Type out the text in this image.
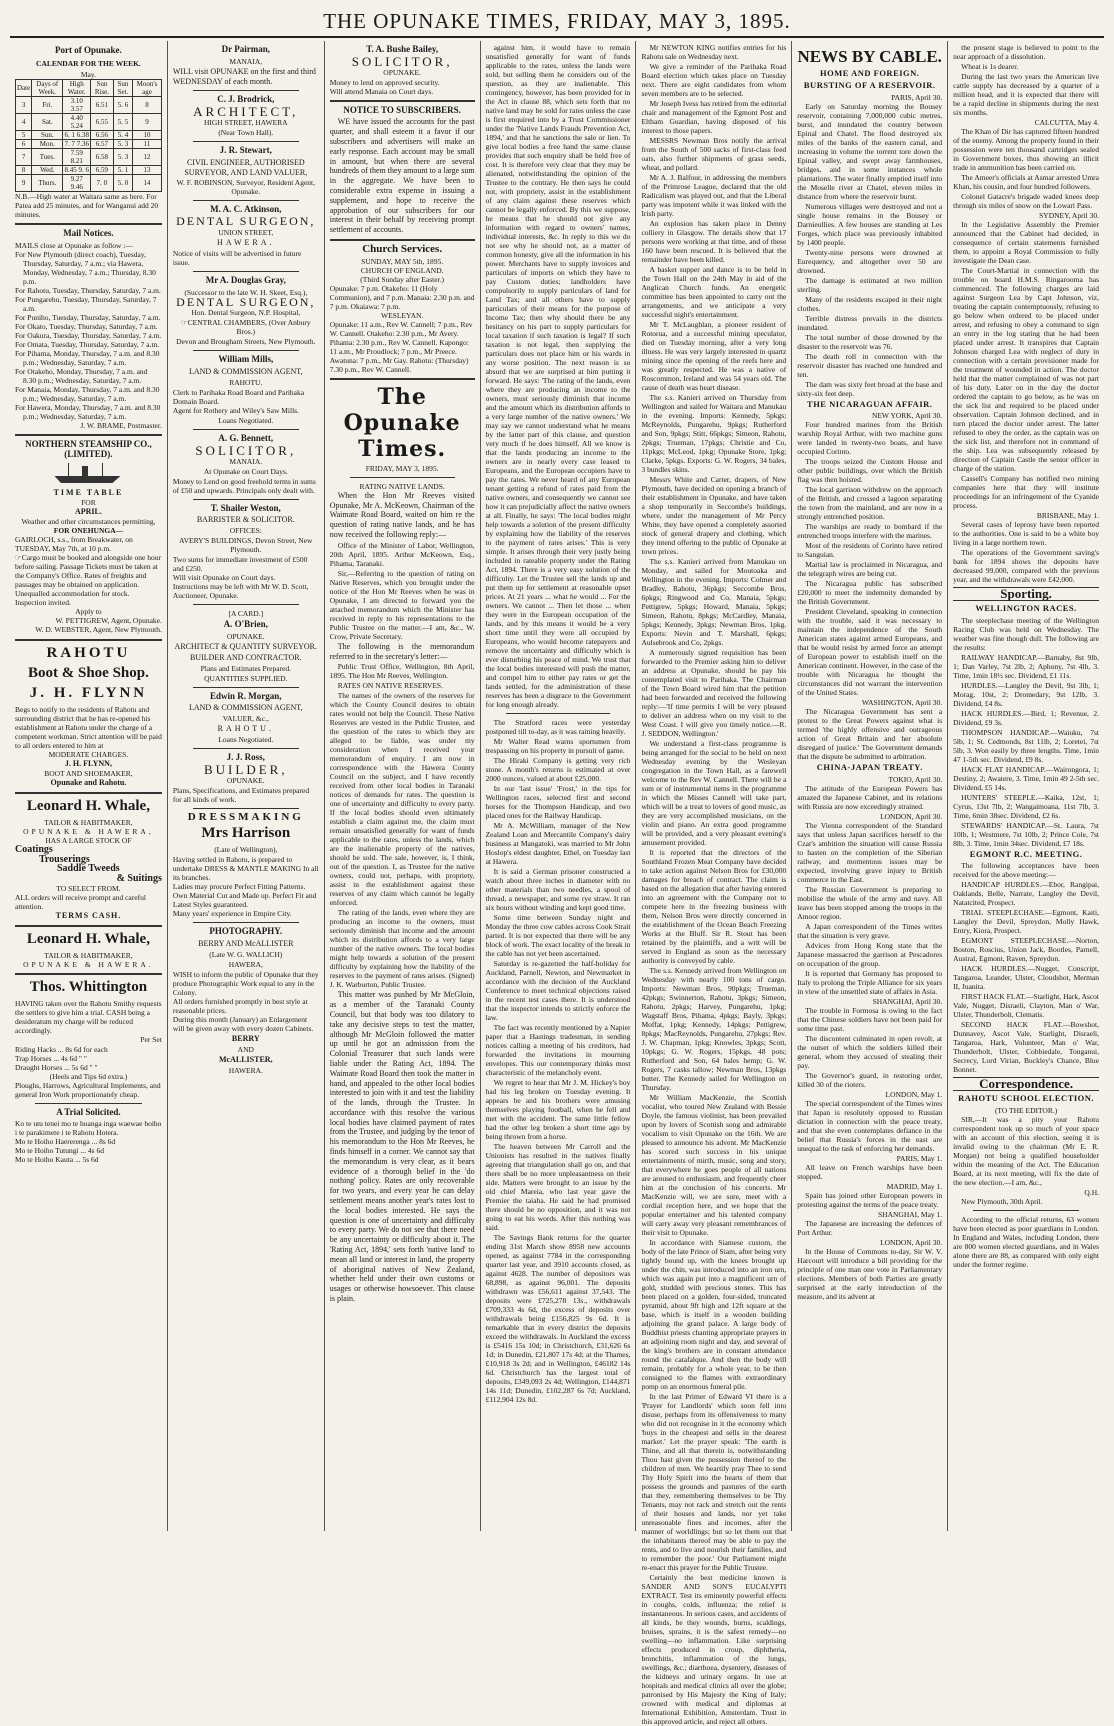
THE OPUNAKE TIMES, FRIDAY, MAY 3, 1895.
Port of Opunake.
CALENDAR FOR THE WEEK.
May.
Date	Days of Week.	High Water.	Sun Rise.	Sun Set.	Moon's age
3	Fri.	3.10 3.57	6.51	5. 6	8
4	Sat.	4.40 5.24	6.55	5. 5	9
5	Sun.	6. 1 6.38	6.56	5. 4	10
6	Mon.	7. 7 7.36	6.57	5. 3	11
7	Tues.	7.59 8.21	6.58	5. 3	12
8	Wed.	8.45 9. 6	6.59	5. 1	13
9	Thurs.	9.27 9.46	7. 0	5. 0	14
N.B.—High water at Waitara same as here. For Patea add 25 minutes, and for Wanganui add 20 minutes.
Mail Notices.
MAILS close at Opunake as follow :—

For New Plymouth (direct coach), Tuesday, Thursday, Saturday, 7 a.m.; via Hawera, Monday, Wednesday, 7 a.m.; Thursday, 8.30 p.m.

For Rahotu, Tuesday, Thursday, Saturday, 7 a.m.

For Pungarehu, Tuesday, Thursday, Saturday, 7 a.m.

For Puniho, Tuesday, Thursday, Saturday, 7 a.m.

For Okato, Tuesday, Thursday, Saturday, 7 a.m.

For Oakura, Tuesday, Thursday, Saturday, 7 a.m.

For Omata, Tuesday, Thursday, Saturday, 7 a.m.

For Pihama, Monday, Thursday, 7 a.m. and 8.30 p.m.; Wednesday, Saturday, 7 a.m.

For Otakeho, Monday, Thursday, 7 a.m. and 8.30 p.m.; Wednesday, Saturday, 7 a.m.

For Manaia, Monday, Thursday, 7 a.m. and 8.30 p.m.; Wednesday, Saturday, 7 a.m.

For Hawera, Monday, Thursday, 7 a.m. and 8.30 p.m.; Wednesday, Saturday, 7 a.m.

J. W. BRAME, Postmaster.
NORTHERN STEAMSHIP CO., (LIMITED).
TIME TABLE
FOR
APRIL.
Weather and other circumstances permitting,
FOR ONEHUNGA—
GAIRLOCH, s.s., from Breakwater, on TUESDAY, May 7th, at 10 p.m.
☞Cargo must be booked and alongside one hour before sailing. Passage Tickets must be taken at the Company's Office. Rates of freights and passages may be obtained on application. Unequalled accommodation for stock. Inspection invited.
Apply to
W. PETTIGREW, Agent, Opunake.
W. D. WEBSTER, Agent, New Plymouth.
RAHOTU
Boot & Shoe Shop.
J. H. FLYNN
Begs to notify to the residents of Rahotu and surrounding district that he has re-opened his establishment at Rahotu under the charge of a competent workman. Strict attention will be paid to all orders entered to him at
MODERATE CHARGES.
J. H. FLYNN,
BOOT AND SHOEMAKER,
Opunake and Rahotu.
Leonard H. Whale,
TAILOR & HABITMAKER,
OPUNAKE & HAWERA,
HAS A LARGE STOCK OF
Coatings
Trouserings
Saddle Tweeds
& Suitings
TO SELECT FROM.
ALL orders will receive prompt and careful attention.
TERMS CASH.
Leonard H. Whale,
TAILOR & HABITMAKER,
OPUNAKE & HAWERA.
Thos. Whittington
HAVING taken over the Rahotu Smithy requests the settlers to give him a trial. CASH being a desideratum my charge will be reduced accordingly.
Per Set
Riding Hacks ... 8s 6d for each
Trap Horses ... 4s 6d " "
Draught Horses ... 5s 6d " "
(Heels and Tips 6d extra.)
Ploughs, Harrows, Agricultural Implements, and general Iron Work proportionately cheap.
A Trial Solicited.
Ko te utu tenei mo te huanga inga waewae hoiho i te parakimete i te Rahotu Hotera.
Mo te Hoiho Haererenga ... 8s 6d
Mo te Hoiho Tutungi ... 4s 6d
Mo te Hoiho Kauta ... 5s 6d
Dr Pairman,

MANAIA,

WILL visit OPUNAKE on the first and third WEDNESDAY of each month.
C. J. Brodrick,

ARCHITECT,

HIGH STREET, HAWERA

(Near Town Hall).

J. R. Stewart,

CIVIL ENGINEER, AUTHORISED SURVEYOR, AND LAND VALUER,

W. F. ROBINSON, Surveyor, Resident Agent, Opunake.

M. A. C. Atkinson,

DENTAL SURGEON,

UNION STREET,

HAWERA.

Notice of visits will be advertised in future issue.
Mr A. Douglas Gray,

(Successor to the late W. H. Skeet, Esq.),

DENTAL SURGEON,

Hon. Dental Surgeon, N.P. Hospital,

☞CENTRAL CHAMBERS, (Over Anbury Bros.)

Devon and Brougham Streets, New Plymouth.

William Mills,

LAND & COMMISSION AGENT,

RAHOTU.

Clerk to Parihaka Road Board and Parihaka Domain Board.
Agent for Rothery and Wiley's Saw Mills.

Loans Negotiated.

A. G. Bennett,

SOLICITOR,

MANAIA.

At Opunake on Court Days.

Money to Lend on good freehold terms in sums of £50 and upwards. Principals only dealt with.
T. Shailer Weston,

BARRISTER & SOLICITOR.

OFFICES:

AVERY'S BUILDINGS, Devon Street, New Plymouth.

Two sums for immediate investment of £500 and £250.
Will visit Opunake on Court days.
Instructions may be left with Mr W. D. Scott, Auctioneer, Opunake.

[A CARD.]

A. O'Brien,

OPUNAKE.

ARCHITECT & QUANTITY SURVEYOR.

BUILDER AND CONTRACTOR.

Plans and Estimates Prepared.

QUANTITIES SUPPLIED.

Edwin R. Morgan,

LAND & COMMISSION AGENT,

VALUER, &c.,

RAHOTU.

Loans Negotiated.

J. J. Ross,

BUILDER,

OPUNAKE.

Plans, Specifications, and Estimates prepared for all kinds of work.

DRESSMAKING

Mrs Harrison

(Late of Wellington),

Having settled in Rahotu, is prepared to undertake DRESS & MANTLE MAKING In all its branches.
Ladies may procure Perfect Fitting Patterns.
Own Material Cut and Made up. Perfect Fit and Latest Styles guaranteed.
Many years' experience in Empire City.
PHOTOGRAPHY.

BERRY AND McALLISTER

(Late W. G. WALLICH)

HAWERA,

WISH to inform the public of Opunake that they produce Photographic Work equal to any in the Colony.
All orders furnished promptly in best style at reasonable prices.
During this month (January) an Enlargement will be given away with every dozen Cabinets.

BERRY

AND

McALLISTER,

HAWERA.

T. A. Bushe Bailey,

SOLICITOR,

OPUNAKE.

Money to lend on approved security.
Will attend Manaia on Court days.
NOTICE TO SUBSCRIBERS.

WE have issued the accounts for the past quarter, and shall esteem it a favor if our subscribers and advertisers will make an early response. Each account may be small in amount, but when there are several hundreds of them they amount to a large sum in the aggregate. We have been to considerable extra expense in issuing a supplement, and hope to receive the approbation of our subscribers for our interest in their behalf by receiving prompt settlement of accounts.

Church Services.
SUNDAY, MAY 5th, 1895.
CHURCH OF ENGLAND.
(Third Sunday after Easter.)
Opunake: 7 p.m. Otakeho: 11 (Holy Communion), and 7 p.m. Manaia: 2.30 p.m. and 7 p.m. Okaiawa: 7 p.m.
WESLEYAN.
Opunake: 11 a.m., Rev W. Cannell; 7 p.m., Rev W. Cannell. Otakeho: 2.30 p.m., Mr Avery. Pihama: 2.30 p.m., Rev W. Cannell. Kapongo: 11 a.m., Mr Proudlock; 7 p.m., Mr Preece. Awatuna: 7 p.m., Mr Gay. Rahotu: (Thursday) 7.30 p.m., Rev W. Cannell.
The Opunake Times.
FRIDAY, MAY 3, 1895.
RATING NATIVE LANDS.

When the Hon Mr Reeves visited Opunake, Mr A. McKeown, Chairman of the Waimate Road Board, waited on him re the question of rating native lands, and he has now received the following reply:—

Office of the Minister of Labor, Wellington, 20th April, 1895. Arthur McKeown, Esq., Pihama, Taranaki.

Sir,—Referring to the question of rating on Native Reserves, which you brought under the notice of the Hon Mr Reeves when he was in Opunake, I am directed to forward you the attached memorandum which the Minister has received in reply to his representations to the Public Trustee on the matter.—I am, &c., W. Crow, Private Secretary.

The following is the memorandum referred to in the secretary's letter:—

Public Trust Office, Wellington, 8th April, 1895. The Hon Mr Reeves, Wellington.

RATES ON NATIVE RESERVES.

The names of the owners of the reserves for which the County Council desires to obtain rates would not help the Council. These Native Reserves are vested in the Public Trustee, and the question of the rates to which they are alleged to be liable, was under my consideration when I received your memorandum of enquiry. I am now in correspondence with the Hawera County Council on the subject, and I have recently received from other local bodies in Taranaki notices of demands for rates. The question is one of uncertainty and difficulty to every party. If the local bodies should even ultimately establish a claim against me, the claim must remain unsatisfied generally for want of funds applicable to the rates, unless the lands, which are the inalienable property of the natives, should be sold. The sale, however, is, I think, out of the question. I, as Trustee for the native owners, could not, perhaps, with propriety, assist in the establishment against these reserves of any claim which cannot be legally enforced.

The rating of the lands, even where they are producing an income to the owners, must seriously diminish that income and the amount which its distribution affords to a very large number of the native owners. The local bodies might help towards a solution of the present difficulty by explaining how the liability of the reserves to the payment of rates arises. (Signed) J. K. Warburton, Public Trustee.

This matter was pushed by Mr McGloin, as a member of the Taranaki County Council, but that body was too dilatory to take any decisive steps to test the matter, although Mr McGloin followed the matter up until he got an admission from the Colonial Treasurer that such lands were liable under the Rating Act, 1894. The Waimate Road Board then took the matter in hand, and appealed to the other local bodies interested to join with it and test the liability of the lands, through the Trustee. In accordance with this resolve the various local bodies have claimed payment of rates from the Trustee, and judging by the tenor of his memorandum to the Hon Mr Reeves, he finds himself in a corner. We cannot say that the memorandum is very clear, as it bears evidence of a thorough belief in the 'do nothing' policy. Rates are only recoverable for two years, and every year he can delay settlement means another year's rates lost to the local bodies interested. He says the question is one of uncertainty and difficulty to every party. We do not see that there need be any uncertainty or difficulty about it. The 'Rating Act, 1894,' sets forth 'native land' to mean all land or interest in land, the property of aboriginal natives of New Zealand, whether held under their own customs or usages or otherwise howsoever. This clause is plain.

against him, it would have to remain unsatisfied generally for want of funds applicable to the rates, unless the lands were sold, but selling them he considers out of the question, as they are inalienable. This contingency, however, has been provided for in the Act in clause 88, which sets forth that no native land may be sold for rates unless the case is first enquired into by a Trust Commissioner under the 'Native Lands Frauds Prevention Act, 1894,' and that he sanctions the sale or lien. To give local bodies a free hand the same clause provides that such enquiry shall be held free of cost. It is therefore very clear that they may be alienated, notwithstanding the opinion of the Trustee to the contrary. He then says he could not, with propriety, assist in the establishment of any claim against these reserves which cannot be legally enforced. By this we suppose, he means that he should not give any information with regard to owners' names, individual interests, &c. In reply to this we do not see why he should not, as a matter of common honesty, give all the information in his power. Merchants have to supply invoices and particulars of imports on which they have to pay Custom duties; landholders have compulsorily to supply particulars of land for Land Tax; and all others have to supply particulars of their means for the purpose of Income Tax; then why should there be any hesitancy on his part to supply particulars for local taxation if such taxation is legal? If such taxation is not legal, then supplying the particulars does not place him or his wards in any worse position. The next reason is so absurd that we are surprised at him putting it forward. He says: 'The rating of the lands, even where they are producing an income to the owners, must seriously diminish that income and the amount which its distribution affords to a very large number of the native owners.' We may say we cannot understand what he means by the latter part of this clause, and question very much if he does himself. All we know is that the lands producing an income to the owners are in nearly every case leased to Europeans, and the European occupiers have to pay the rates. We never heard of any European tenant getting a refund of rates paid from the native owners, and consequently we cannot see how it can prejudicially affect the native owners at all. Finally, he says: 'The local bodies might help towards a solution of the present difficulty by explaining how the liability of the reserves to the payment of rates arises.' This is very simple. It arises through their very justly being included in rateable property under the Rating Act, 1894. There is a very easy solution of the difficulty. Let the Trustee sell the lands up and put them up for settlement at reasonable upset prices. At 21 years ... what he would ... For the owners. We cannot ... Then let those ... when they were in the European occupation of the lands, and by this means it would be a very short time until they were all occupied by Europeans, who would become ratepayers and remove the uncertainty and difficulty which is ever disturbing his peace of mind. We trust that the local bodies interested will push the matter, and compel him to either pay rates or get the lands settled, for the administration of these reserves has been a disgrace to the Government for long enough already.

The Stratford races were yesterday postponed till to-day, as it was raining heavily.

Mr Walter Read warns sportsmen from trespassing on his property in pursuit of game.

The Hiraki Company is getting very rich stone. A month's returns is estimated at over 2000 ounces, valued at about £25,000.

In our 'last issue' 'Frost,' in the tips for Wellington races, selected first and second horses for the Thompson Handicap, and two placed ones for the Railway Handicap.

Mr A. McWilliam, manager of the New Zealand Loan and Mercantile Company's dairy business at Mangatoki, was married to Mr John Hoslop's eldest daughter, Ethel, on Tuesday last at Hawera.

It is said a German prisoner constructed a watch about three inches in diameter with no other materials than two needles, a spool of thread, a newspaper, and some rye straw. It ran six hours without winding and kept good time.

Some time between Sunday night and Monday the three cow cables across Cook Strait parted. It is not expected that there will be any block of work. The exact locality of the break in the cable has not yet been ascertained.

Saturday is re-gazetted the half-holiday for Auckland, Parnell, Newton, and Newmarket in accordance with the decision of the Auckland Conference to meet technical objections raised in the recent test cases there. It is understood that the inspector intends to strictly enforce the law.

The fact was recently mentioned by a Napier paper that a Hastings tradesman, in sending notices calling a meeting of his creditors, had forwarded the invitations in mourning envelopes. This our contemporary thinks most characteristic of the melancholy event.

We regret to hear that Mr J. M. Hickey's boy had his leg broken on Tuesday evening. It appears he and his brothers were amusing themselves playing football, when he fell and met with the accident. The same little fellow had the other leg broken a short time ago by being thrown from a horse.

The heaven between Mr Carroll and the Unionists has resulted in the natives finally agreeing that triangulation shall go on, and that there shall be no more unpleasantness on their side. Matters were brought to an issue by the old chief Mareia, who last year gave the Premier the taiaha. He said he had promised there should be no opposition, and it was not going to eat his words. After this nothing was said.

The Savings Bank returns for the quarter ending 31st March show 8958 new accounts opened, as against 7784 in the corresponding quarter last year, and 3910 accounts closed, as against 4628. The number of depositors was 68,898, as against 96,001. The deposits withdrawn was £56,611 against 37,543. The deposits were £725,278 13s., withdrawals £709,333 4s 6d, the excess of deposits over withdrawals being £156,825 9s 6d. It is remarkable that in every district the deposits exceed the withdrawals. In Auckland the excess is £5416 15s 10d; in Christchurch, £31,626 6s 1d; in Dunedin, £21,807 17s 4d; at the Thames, £10,918 3s 2d; and in Wellington, £46182 14s 6d. Christchurch has the largest total of deposits, £349,093 2s 4d; Wellington, £144,871 14s 11d; Dunedin, £102,287 6s 7d; Auckland, £112,904 12s 8d.

Mr NEWTON KING notifies entries for his Rahotu sale on Wednesday next.

We give a reminder of the Parihaka Road Board election which takes place on Tuesday next. There are eight candidates from whom seven members are to be selected.

Mr Joseph Ivess has retired from the editorial chair and management of the Egmont Post and Eltham Guardian, having disposed of his interest to those papers.

MESSRS Newman Bros notify the arrival from the South of 500 sacks of first-class feed oats, also further shipments of grass seeds, wheat, and pollard.

Mr A. J. Balfour, in addressing the members of the Primrose League, declared that the old Radicalism was played out, and that the Liberal party was impotent while it was linked with the Irish party.

An explosion has taken place in Denny colliery in Glasgow. The details show that 17 persons were working at that time, and of these 160 have been rescued. It is believed that the remainder have been killed.

A basket supper and dance is to be held in the Town Hall on the 24th May in aid of the Anglican Church funds. An energetic committee has been appointed to carry out the arrangements, and we anticipate a very successful night's entertainment.

Mr T. McLaughlan, a pioneer resident of Rotorua, and a successful mining speculator, died on Tuesday morning, after a very long illness. He was very largely interested in quartz mining since the opening of the reefs here and was greatly respected. He was a native of Roscommon, Ireland and was 54 years old. The cause of death was heart disease.

The s.s. Kanieri arrived on Thursday from Wellington and sailed for Waitara and Manukau in the evening. Imports: Kennedy, 5pkgs; McReynolds, Pungarehu, 9pkgs; Rutherford and Son, 9pkgs; Stitt, 66pkgs; Simeon, Rahotu, 2pkgs; Trueman, 17pkgs; Christie and Co, 11pkgs; McLeod, 1pkg; Opunake Store, 1pkg; Clarke, 5pkgs. Exports: G. W. Rogers, 34 bales, 3 bundles skins.

Messrs White and Carter, drapers, of New Plymouth, have decided on opening a branch of their establishment in Opunake, and have taken a shop temporarily in Seccombe's buildings, where, under the management of Mr Percy White, they have opened a completely assorted stock of general drapery and clothing, which they intend offering to the public of Opunake at town prices.

The s.s. Kanieri arrived from Manukau on Monday, and sailed for Moutoaka and Wellington in the evening. Imports: Colmer and Bradley, Rahotu, 36pkgs; Seccombe Bros, 6pkgs; Ringwood and Co, Manaia, 5pkgs; Pettigrew, 5pkgs; Howard, Manaia, 5pkgs; Simeon, Rahotu, 8pkgs; McCardley, Manaia, 5pkgs; Kennedy, 3pkgs; Newman Bros, 1pkg. Exports: Nevin and T. Marshall, 6pkgs; Aulsebrook and Co, 2pkgs.

A numerously signed requisition has been forwarded to the Premier asking him to deliver an address at Opunake, should he pay his contemplated visit to Parihaka. The Chairman of the Town Board wired him that the petition had been forwarded and received the following reply:—'If time permits I will be very pleased to deliver an address when on my visit to the West Coast. I will give you timely notice.—R. J. SEDDON, Wellington.'

We understand a first-class programme is being arranged for the social to be held on next Wednesday evening by the Wesleyan congregation in the Town Hall, as a farewell welcome to the Rev W. Cannell. There will be a sum or of instrumental items in the programme in which the Misses Cannell will take part, which will be a treat to lovers of good music, as they are very accomplished musicians, on the violin and piano. An extra good programme will be provided, and a very pleasant evening's amusement provided.

It is reported that the directors of the Southland Frozen Meat Company have decided to take action against Nelson Bros for £30,000 damages for breach of contract. The claim is based on the allegation that after having entered into an agreement with the Company not to compete here in the freezing business with them, Nelson Bros were directly concerned in the establishment of the Ocean Beach Freezing Works at the Bluff. Sir R. Stout has been retained by the plaintiffs, and a writ will be served in England as soon as the necessary authority is conveyed by cable.

The s.s. Kennedy arrived from Wellington on Wednesday with nearly 100 tons of cargo. Imports: Newman Bros, 90pkgs; Trueman, 42pkgs; Swinnerton, Rahotu, 3pkgs; Simeon, Rahotu, 2pkgs; Harvey, Pungarehu, 1pkg; Wagstaff Bros, Pihama, 4pkgs; Bayly, 3pkgs; Moffat, 1pkg; Kennedy, 14pkgs; Pettigrew, 8pkgs; MacReynolds, Pungarehu, 27pkgs; Rev. J. W. Chapman, 1pkg; Knowles, 3pkgs; Scott, 10pkgs; G. W. Rogers, 15pkgs, 48 pots; Rutherford and Son, 64 bales hemp; G. W. Rogers, 7 casks tallow; Newman Bros, 13pkgs butter. The Kennedy sailed for Wellington on Thursday.

Mr William MacKenzie, the Scottish vocalist, who toured New Zealand with Bessie Doyle, the famous violinist, has been prevailed upon by lovers of Scottish song and admirable vocalism to visit Opunake on the 16th. We are pleased to announce his advent. Mr MacKenzie has scored such success in his unique entertainments of mirth, music, song and story, that everywhere he goes people of all nations are aroused to enthusiasm, and frequently cheer him at the conclusion of his concerts. Mr MacKenzie will, we are sure, meet with a cordial reception here, and we hope that the popular entertainer and his talented company will carry away very pleasant remembrances of their visit to Opunake.

In accordance with Siamese custom, the body of the late Prince of Siam, after being very tightly bound up, with the knees brought up under the chin, was introduced into an iron urn, which was again put into a magnificent urn of gold, studded with precious stones. This has been placed on a golden, four-sided, truncated pyramid, about 9ft high and 12ft square at the base, which is itself in a wooden building adjoining the grand palace. A large body of Buddhist priests chanting appropriate prayers in an adjoining room night and day, and several of the king's brothers are in constant attendance round the catafalque. And then the body will remain, probably for a whole year, to be then consigned to the flames with extraordinary pomp on an enormous funeral pile.

In the last Primer of Edward VI there is a 'Prayer for Landlords' which soon fell into disuse, perhaps from its offensiveness to many who did not recognise in it the economy which 'buys in the cheapest and sells in the dearest market.' Let the prayer speak: 'The earth is Thine, and all that therein is, notwithstanding Thou hast given the possession thereof to the children of men. We heartily pray Thee to send Thy Holy Spirit into the hearts of them that possess the grounds and pastures of the earth that they, remembering themselves to be Thy Tenants, may not rack and stretch out the rents of their houses and lands, nor yet take unreasonable fines and incomes, after the manner of worldlings; but so let them out that the inhabitants thereof may be able to pay the rents, and to live and nourish their families, and to remember the poor.' Our Parliament might re-enact this prayer for the Public Trustee.

Certainly the best medicine known is SANDER AND SON'S EUCALYPTI EXTRACT. Test its eminently powerful effects in coughs, colds, influenza; the relief is instantaneous. In serious cases, and accidents of all kinds, be they wounds, burns, scaldings, bruises, sprains, it is the safest remedy—no swelling—no inflammation. Like surprising effects produced in croup, diphtheria, bronchitis, inflammation of the lungs, swellings, &c.; diarrhoea, dysentery, diseases of the kidneys and urinary organs. In use at hospitals and medical clinics all over the globe; patronised by His Majesty the King of Italy; crowned with medical and diplomas at International Exhibition, Amsterdam. Trust in this approved article, and reject all others.

NEWS BY CABLE.
HOME AND FOREIGN.
BURSTING OF A RESERVOIR.
PARIS, April 30.

Early on Saturday morning the Bousey reservoir, containing 7,000,000 cubic metres, burst, and inundated the country between Epinal and Chatel. The flood destroyed six miles of the banks of the eastern canal, and increasing in volume the torrent tore down the Epinal valley, and swept away farmhouses, bridges, and in some instances whole plantations. The water finally emptied itself into the Moselle river at Chatel, eleven miles in distance from where the reservoir burst.

Numerous villages were destroyed and not a single house remains in the Bousey or Darnieullies. A few houses are standing at Les Forges, which place was previously inhabited by 1400 people.

Twenty-nine persons were drowned at Eurequency, and altogether over 50 are drowned.

The damage is estimated at two million sterling.

Many of the residents escaped in their night clothes.

Terrible distress prevails in the districts inundated.

The total number of those drowned by the disaster to the reservoir was 76.

The death roll in connection with the reservoir disaster has reached one hundred and ten.

The dam was sixty feet broad at the base and sixty-six feet deep.

THE NICARAGUAN AFFAIR.
NEW YORK, April 30.

Four hundred marines from the British warship Royal Arthur, with two machine guns were landed in twenty-two boats, and have occupied Corinto.

The troops seized the Custom House and other public buildings, over which the British flag was then hoisted.

The local garrison withdrew on the approach of the British, and crossed a lagoon separating the town from the mainland, and are now in a strongly entrenched position.

The warships are ready to bombard if the entrenched troops interfere with the marines.

Most of the residents of Corinto have retired to Sanguian.

Martial law is proclaimed in Nicaragua, and the telegraph wires are being cut.

The Nicaragua public has subscribed £20,000 to meet the indemnity demanded by the British Government.

President Cleveland, speaking in connection with the trouble, said it was necessary to maintain the independence of the South American states against armed Europeans, and that he would resist by armed force an attempt of European power to establish itself on the American continent. However, in the case of the trouble with Nicaragua he thought the circumstances did not warrant the intervention of the United States.

WASHINGTON, April 30.

The Nicaragua Government has sent a protest to the Great Powers against what is termed 'the highly offensive and outrageous action of Great Britain and her absolute disregard of justice.' The Government demands that the dispute be submitted to arbitration.

CHINA-JAPAN TREATY.
TOKIO, April 30.

The attitude of the European Powers has amazed the Japanese Cabinet, and its relations with Russia are now exceedingly strained.

LONDON, April 30.

The Vienna correspondent of the Standard says that unless Japan sacrifices herself to the Czar's ambition the situation will cause Russia to hasten on the completion of the Siberian railway, and momentous issues may be expected, involving grave injury to British commerce in the East.

The Russian Government is preparing to mobilise the whole of the army and navy. All leave has been stopped among the troops in the Amoor region.

A Japan correspondent of the Times writes that the situation is very grave.

Advices from Hong Kong state that the Japanese massacred the garrison at Pescadores on occupation of the group.

It is reported that Germany has proposed to Italy to prolong the Triple Alliance for six years in view of the unsettled state of affairs in Asia.

SHANGHAI, April 30.

The trouble in Formosa is owing to the fact that the Chinese soldiers have not been paid for some time past.

The discontent culminated in open revolt, at the outset of which the soldiers killed their general, whom they accused of stealing their pay.

The Governor's guard, in restoring order, killed 30 of the rioters.

LONDON, May 1.

The special correspondent of the Times wires that Japan is resolutely opposed to Russian dictation in connection with the peace treaty, and that she even contemplates defiance in the belief that Russia's forces in the east are unequal to the task of enforcing her demands.

PARIS, May 1.

All leave on French warships have been stopped.

MADRID, May 1.

Spain has joined other European powers in protesting against the terms of the peace treaty.

SHANGHAI, May 1.

The Japanese are increasing the defences of Port Arthur.

LONDON, April 30.

In the House of Commons to-day, Sir W. V. Harcourt will introduce a bill providing for the principle of one man one vote in Parliamentary elections. Members of both Parties are greatly surprised at the early introduction of the measure, and its advent at

the present stage is believed to point to the near approach of a dissolution.

Wheat is 1s dearer.

During the last two years the American live cattle supply has decreased by a quarter of a million head, and it is expected that there will be a rapid decline in shipments during the next six months.

CALCUTTA, May 4.

The Khan of Dir has captured fifteen hundred of the enemy. Among the property found in their possession were ten thousand cartridges sealed in Government boxes, thus showing an illicit trade in ammunition has been carried on.

The Ameer's officials at Asmar arrested Umra Khan, his cousin, and four hundred followers.

Colonel Gatacre's brigade waded knees deep through six miles of snow on the Lowari Pass.

SYDNEY, April 30.

In the Legislative Assembly the Premier announced that the Cabinet had decided, in consequence of certain statements furnished them, to appoint a Royal Commission to fully investigate the Dean case.

The Court-Martial in connection with the trouble on board H.M.S. Ringarooma has commenced. The following charges are laid against Surgeon Lea by Capt Johnson, viz, treating the captain contemptuously, refusing to go below when ordered to be placed under arrest, and refusing to obey a command to sign an entry in the log stating that he had been placed under arrest. It transpires that Captain Johnson charged Lea with neglect of duty in connection with a certain provisioner made for the treatment of wounded in action. The doctor held that the matter complained of was not part of his duty. Later on in the day the doctor ordered the captain to go below, as he was on the sick list and required to be placed under observation. Captain Johnson declined, and in turn placed the doctor under arrest. The latter refused to obey the order, as the captain was on the sick list, and therefore not in command of the ship. Lea was subsequently released by direction of Captain Castle the senior officer in charge of the station.

Cassell's Company has notified two mining companies here that they will institute proceedings for an infringement of the Cyanide process.

BRISBANE, May 1.

Several cases of leprosy have been reported to the authorities. One is said to be a white boy living in a large northern town.

The operations of the Government saving's bank for 1894 shows the deposits have decreased 99,000, compared with the previous year, and the withdrawals were £42,000.

Sporting.
WELLINGTON RACES.

The steeplechase meeting of the Wellington Racing Club was held on Wednesday. The weather was fine though dull. The following are the results:

RAILWAY HANDICAP.—Barnaby, 8st 9lb, 1; Dan Varley, 7st 2lb, 2; Aphony, 7st 4lb, 3. Time, 1min 18½ sec. Dividend, £1 11s.

HURDLES.—Langley the Devil, 9st 3lb, 1; Morag, 10st, 2; Dromedary, 9st 12lb, 3. Dividend, £4 8s.

HACK HURDLES.—Bird, 1; Revenue, 2. Dividend, £9 3s.

THOMPSON HANDICAP.—Waiuku, 7st 5lb, 1; St. Cedmonds, 8st 11lb, 2; Loretei, 7st 5lb, 3. Won easily by three lengths. Time, 1min 47 1-5th sec. Dividend, £9 8s.

HACK FLAT HANDICAP.—Wairongora, 1; Destiny, 2; Awatere, 3. Time, 1min 49 2-5th sec. Dividend, £5 14s.

HUNTERS' STEEPLE.—Kaika, 12st, 1; Cyrus, 13st 7lb, 2; Wangaimoana, 11st 7lb, 3. Time, 6min 38sec. Dividend, £2 6s.

STEWARDS' HANDICAP.—St. Laura, 7st 10lb, 1; Westmere, 7st 10lb, 2; Prince Cole, 7st 8lb, 3. Time, 1min 34sec. Dividend, £7 18s.

EGMONT R.C. MEETING.

The following acceptances have been received for the above meeting:—

HANDICAP HURDLES.—Ebor, Rangipai, Oaklands, Belle, Narrate, Langley the Devil, Natatcited, Prospect.

TRIAL STEEPLECHASE.—Egmont, Kaiti, Langley the Devil, Spreydon, Molly Hawk, Entry, Kiora, Prospect.

EGMONT STEEPLECHASE.—Norton, Boston, Roscius, Union Jack, Bootles, Parnell, Austral, Egmont, Raven, Spreydon.

HACK HURDLES.—Nugget, Conscript, Tangaroa, Leander, Ulster, Cloudshot, Merman II, Juanita.

FIRST HACK FLAT.—Starlight, Hark, Ascot Vale, Nugget, Disraeli, Clayton, Man o' War, Ulster, Thunderbolt, Clematis.

SECOND HACK FLAT.—Bowshot, Dunnavey, Ascot Vale, Starlight, Disraeli, Tangaroa, Hark, Volunteer, Man o' War, Thunderbolt, Ulster, Cobbiedale, Tonganui, Secrecy, Lord Virian, Buckley's Chance, Blue Bonnet.

Correspondence.
RAHOTU SCHOOL ELECTION.
(TO THE EDITOR.)

SIR,—It was a pity your Rahotu correspondent took up so much of your space with an account of this election, seeing it is invalid owing to the chairman (Mr E. R. Morgan) not being a qualified householder within the meaning of the Act. The Education Board, at its next meeting, will fix the date of the new election.—I am, &c.,

Q.H.

New Plymouth, 30th April.

According to the official returns, 63 women have been elected as poor guardians in London. In England and Wales, including London, there are 800 women elected guardians, and in Wales alone there are 88, as compared with only eight under the former regime.
